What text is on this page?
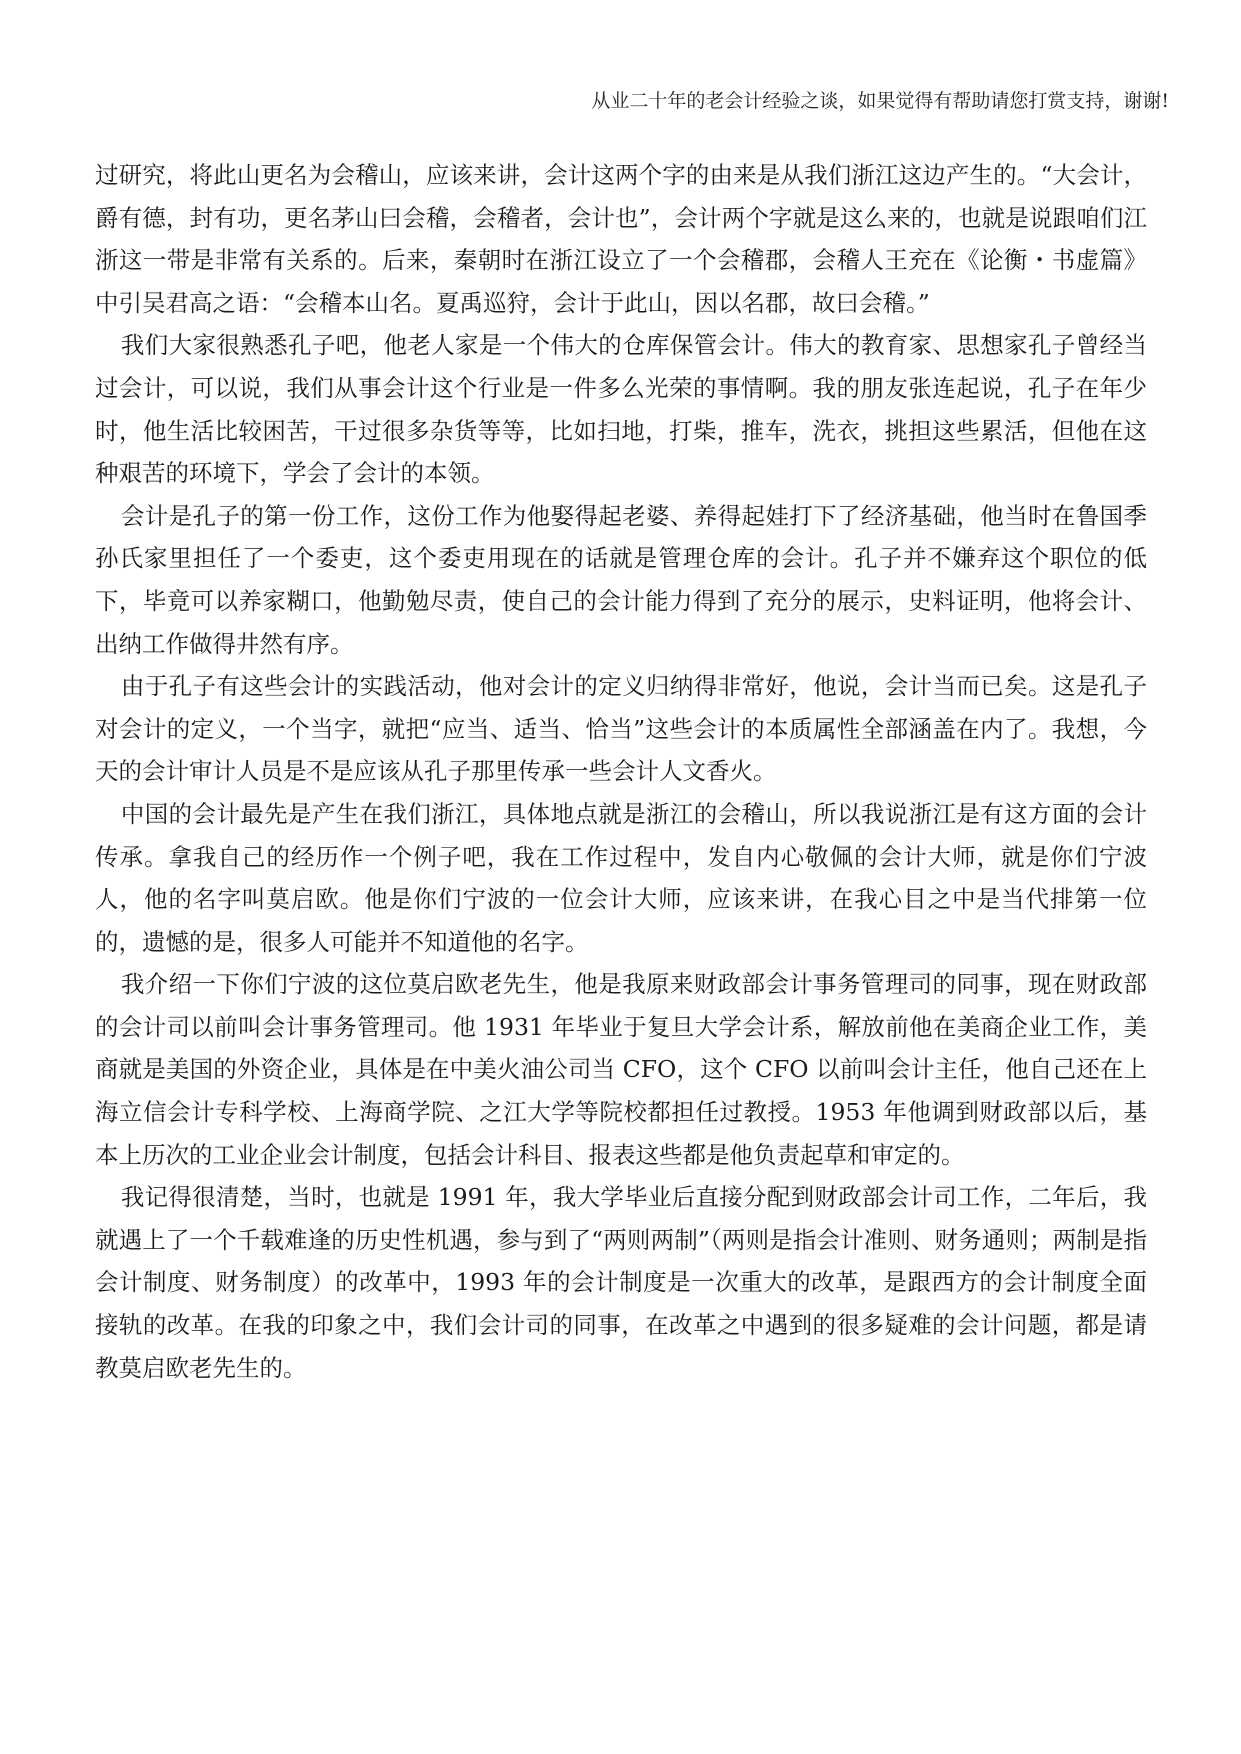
从业二十年的老会计经验之谈，如果觉得有帮助请您打赏支持，谢谢!

过研究，将此山更名为会稽山，应该来讲，会计这两个字的由来是从我们浙江这边产生的。“大会计，爵有德，封有功，更名茅山曰会稽，会稽者，会计也”，会计两个字就是这么来的，也就是说跟咱们江浙这一带是非常有关系的。后来，秦朝时在浙江设立了一个会稽郡，会稽人王充在《论衡・书虚篇》中引吴君高之语：“会稽本山名。夏禹巡狩，会计于此山，因以名郡，故曰会稽。”

我们大家很熟悉孔子吧，他老人家是一个伟大的仓库保管会计。伟大的教育家、思想家孔子曾经当过会计，可以说，我们从事会计这个行业是一件多么光荣的事情啊。我的朋友张连起说，孔子在年少时，他生活比较困苦，干过很多杂货等等，比如扫地，打柴，推车，洗衣，挑担这些累活，但他在这种艰苦的环境下，学会了会计的本领。

会计是孔子的第一份工作，这份工作为他娶得起老婆、养得起娃打下了经济基础，他当时在鲁国季孙氏家里担任了一个委吏，这个委吏用现在的话就是管理仓库的会计。孔子并不嫌弃这个职位的低下，毕竟可以养家糊口，他勤勉尽责，使自己的会计能力得到了充分的展示，史料证明，他将会计、出纳工作做得井然有序。

由于孔子有这些会计的实践活动，他对会计的定义归纳得非常好，他说，会计当而已矣。这是孔子对会计的定义，一个当字，就把“应当、适当、恰当”这些会计的本质属性全部涵盖在内了。我想，今天的会计审计人员是不是应该从孔子那里传承一些会计人文香火。

中国的会计最先是产生在我们浙江，具体地点就是浙江的会稽山，所以我说浙江是有这方面的会计传承。拿我自己的经历作一个例子吧，我在工作过程中，发自内心敬佩的会计大师，就是你们宁波人，他的名字叫莫启欧。他是你们宁波的一位会计大师，应该来讲，在我心目之中是当代排第一位的，遗憾的是，很多人可能并不知道他的名字。

我介绍一下你们宁波的这位莫启欧老先生，他是我原来财政部会计事务管理司的同事，现在财政部的会计司以前叫会计事务管理司。他 1931 年毕业于复旦大学会计系，解放前他在美商企业工作，美商就是美国的外资企业，具体是在中美火油公司当 CFO，这个 CFO 以前叫会计主任，他自己还在上海立信会计专科学校、上海商学院、之江大学等院校都担任过教授。1953 年他调到财政部以后，基本上历次的工业企业会计制度，包括会计科目、报表这些都是他负责起草和审定的。

我记得很清楚，当时，也就是 1991 年，我大学毕业后直接分配到财政部会计司工作，二年后，我就遇上了一个千载难逢的历史性机遇，参与到了“两则两制”（两则是指会计准则、财务通则；两制是指会计制度、财务制度）的改革中，1993 年的会计制度是一次重大的改革，是跟西方的会计制度全面接轨的改革。在我的印象之中，我们会计司的同事，在改革之中遇到的很多疑难的会计问题，都是请教莫启欧老先生的。
